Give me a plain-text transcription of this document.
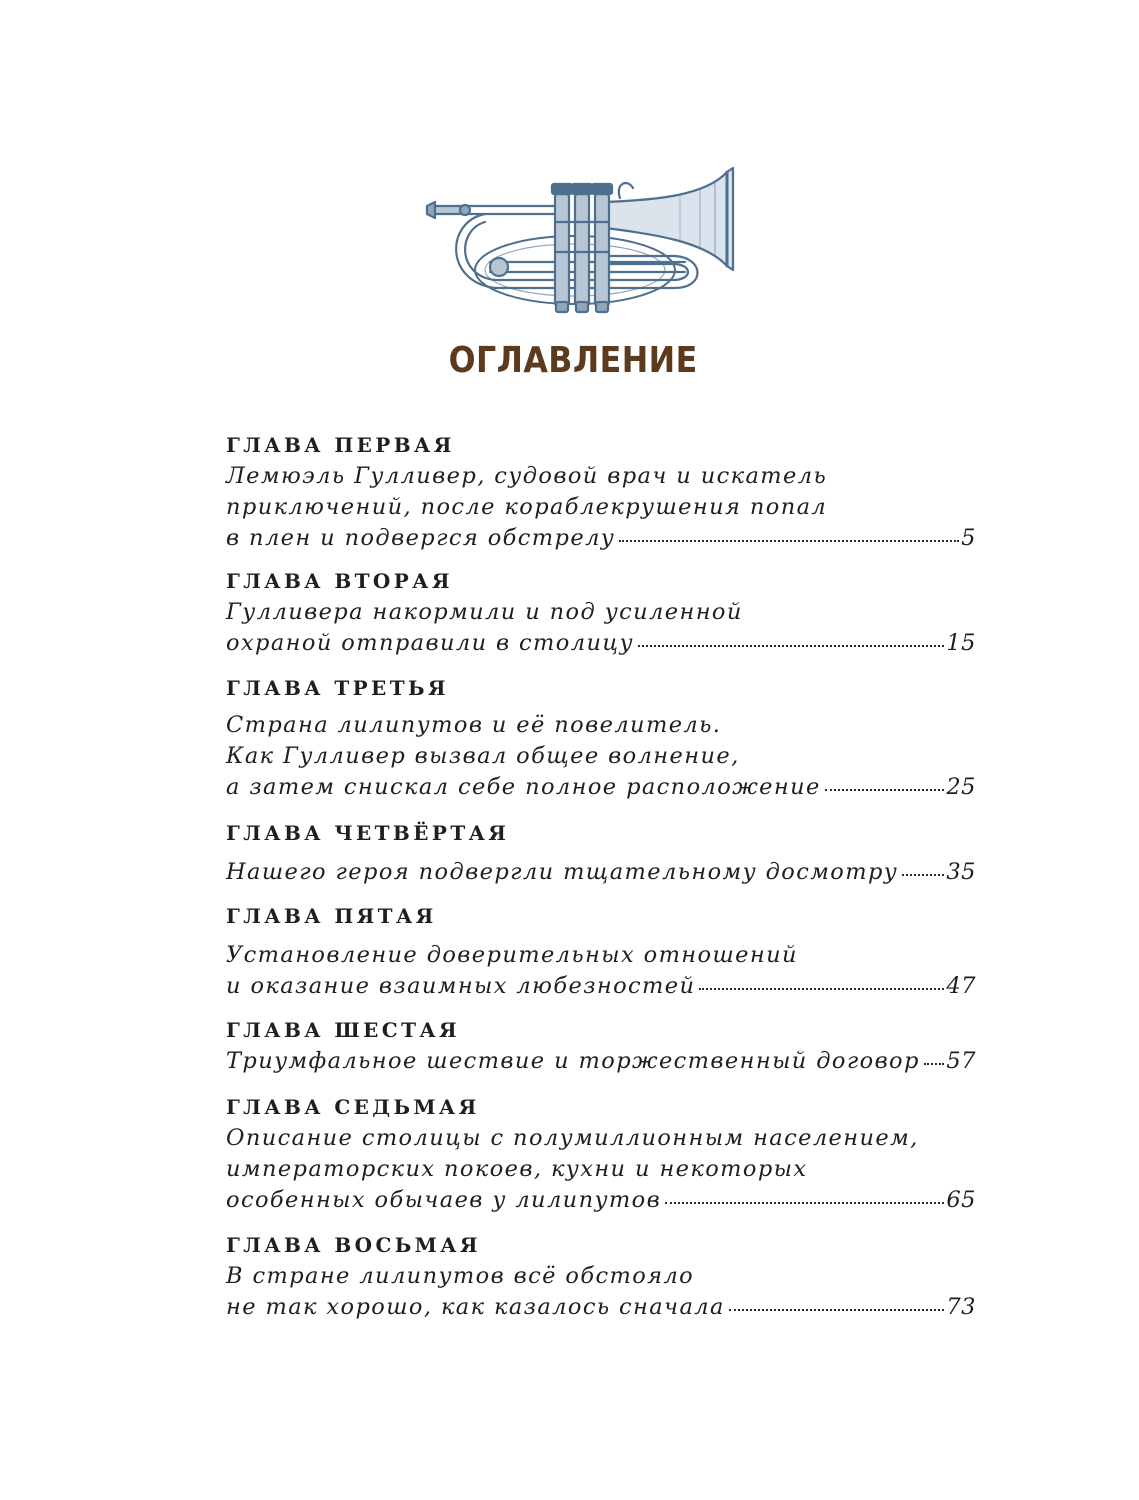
ОГЛАВЛЕНИЕ
ГЛАВА ПЕРВАЯ
Лемюэль Гулливер, судовой врач и искатель
приключений, после кораблекрушения попал
в плен и подвергся обстрелу	5
ГЛАВА ВТОРАЯ
Гулливера накормили и под усиленной
охраной отправили в столицу	15
ГЛАВА ТРЕТЬЯ
Страна лилипутов и её повелитель.
Как Гулливер вызвал общее волнение,
а затем снискал себе полное расположение	25
ГЛАВА ЧЕТВЁРТАЯ
Нашего героя подвергли тщательному досмотру 35
ГЛАВА ПЯТАЯ
Установление доверительных отношений
и оказание взаимных любезностей	47
ГЛАВА ШЕСТАЯ
Триумфальное шествие и торжественный договор 57
ГЛАВА СЕДЬМАЯ
Описание столицы с полумиллионным населением,
императорских покоев, кухни и некоторых
особенных обычаев у лилипутов	65
ГЛАВА ВОСЬМАЯ
В стране лилипутов всё обстояло
не так хорошо, как казалось сначала	73
